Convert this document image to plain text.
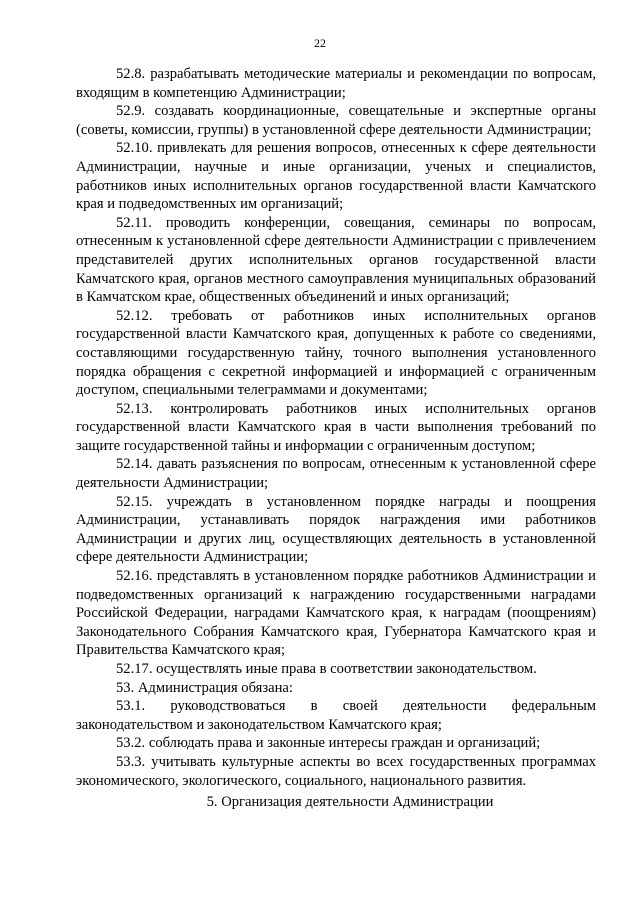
22

52.8. разрабатывать методические материалы и рекомендации по вопросам, входящим в компетенцию Администрации;

52.9. создавать координационные, совещательные и экспертные органы (советы, комиссии, группы) в установленной сфере деятельности Администрации;

52.10. привлекать для решения вопросов, отнесенных к сфере деятельности Администрации, научные и иные организации, ученых и специалистов, работников иных исполнительных органов государственной власти Камчатского края и подведомственных им организаций;

52.11. проводить конференции, совещания, семинары по вопросам, отнесенным к установленной сфере деятельности Администрации с привлечением представителей других исполнительных органов государственной власти Камчатского края, органов местного самоуправления муниципальных образований в Камчатском крае, общественных объединений и иных организаций;

52.12. требовать от работников иных исполнительных органов государственной власти Камчатского края, допущенных к работе со сведениями, составляющими государственную тайну, точного выполнения установленного порядка обращения с секретной информацией и информацией с ограниченным доступом, специальными телеграммами и документами;

52.13. контролировать работников иных исполнительных органов государственной власти Камчатского края в части выполнения требований по защите государственной тайны и информации с ограниченным доступом;

52.14. давать разъяснения по вопросам, отнесенным к установленной сфере деятельности Администрации;

52.15. учреждать в установленном порядке награды и поощрения Администрации, устанавливать порядок награждения ими работников Администрации и других лиц, осуществляющих деятельность в установленной сфере деятельности Администрации;

52.16. представлять в установленном порядке работников Администрации и подведомственных организаций к награждению государственными наградами Российской Федерации, наградами Камчатского края, к наградам (поощрениям) Законодательного Собрания Камчатского края, Губернатора Камчатского края и Правительства Камчатского края;

52.17. осуществлять иные права в соответствии законодательством.

53. Администрация обязана:

53.1. руководствоваться в своей деятельности федеральным законодательством и законодательством Камчатского края;

53.2. соблюдать права и законные интересы граждан и организаций;

53.3. учитывать культурные аспекты во всех государственных программах экономического, экологического, социального, национального развития.

5. Организация деятельности Администрации
